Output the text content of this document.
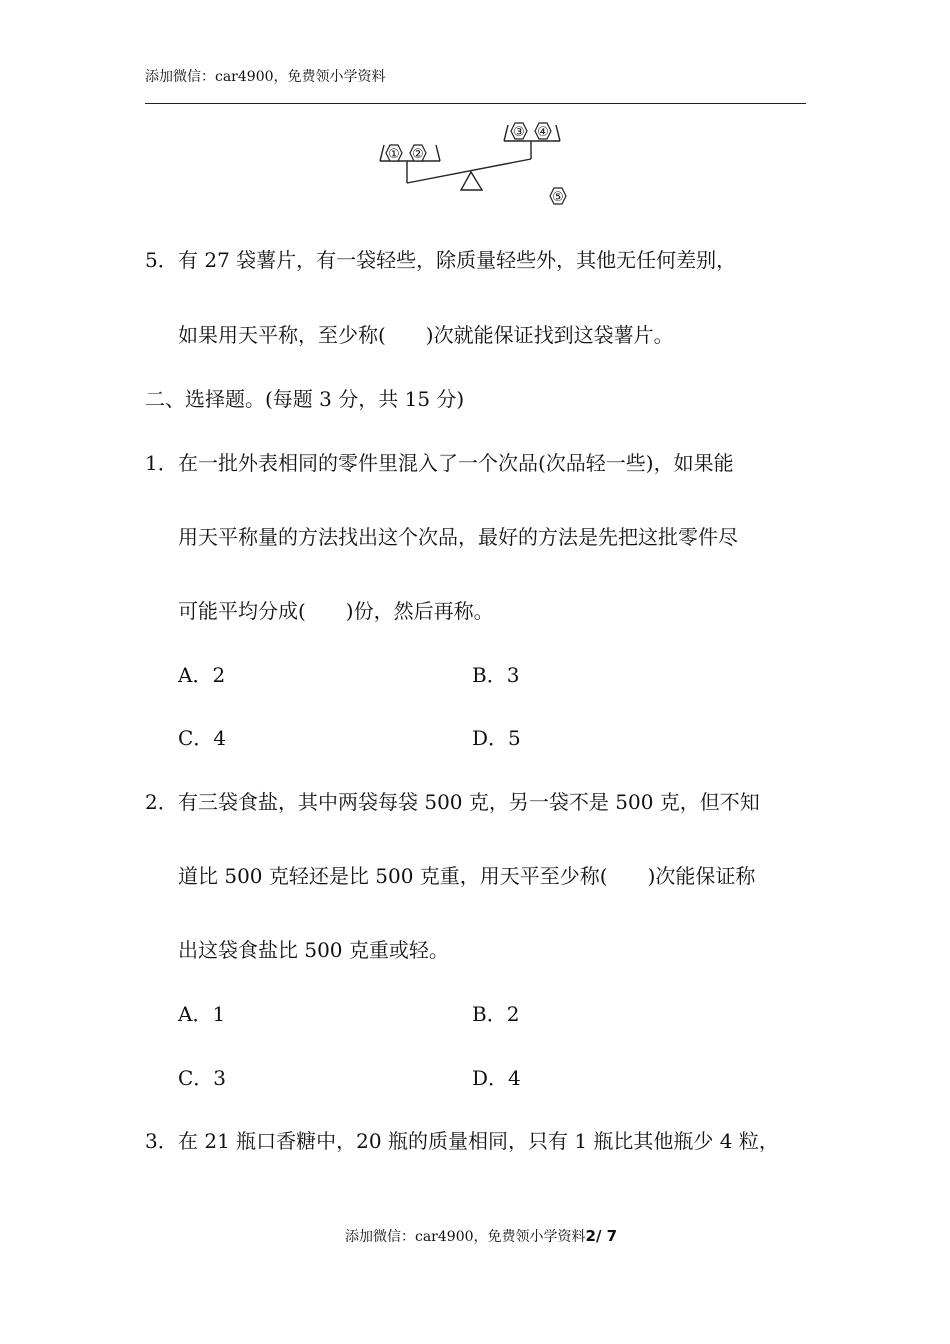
添加微信：car4900，免费领小学资料
① ②
③ ④
⑤
5． 有 27 袋薯片，有一袋轻些，除质量轻些外，其他无任何差别，
如果用天平称，至少称(　　)次就能保证找到这袋薯片。
二、选择题。(每题 3 分，共 15 分)
1． 在一批外表相同的零件里混入了一个次品(次品轻一些)，如果能
用天平称量的方法找出这个次品，最好的方法是先把这批零件尽
可能平均分成(　　)份，然后再称。
A．2	B．3
C．4	D．5
2． 有三袋食盐，其中两袋每袋 500 克，另一袋不是 500 克，但不知
道比 500 克轻还是比 500 克重，用天平至少称(　　)次能保证称
出这袋食盐比 500 克重或轻。
A．1	B．2
C．3	D．4
3． 在 21 瓶口香糖中，20 瓶的质量相同，只有 1 瓶比其他瓶少 4 粒，
添加微信：car4900，免费领小学资料2/ 7
